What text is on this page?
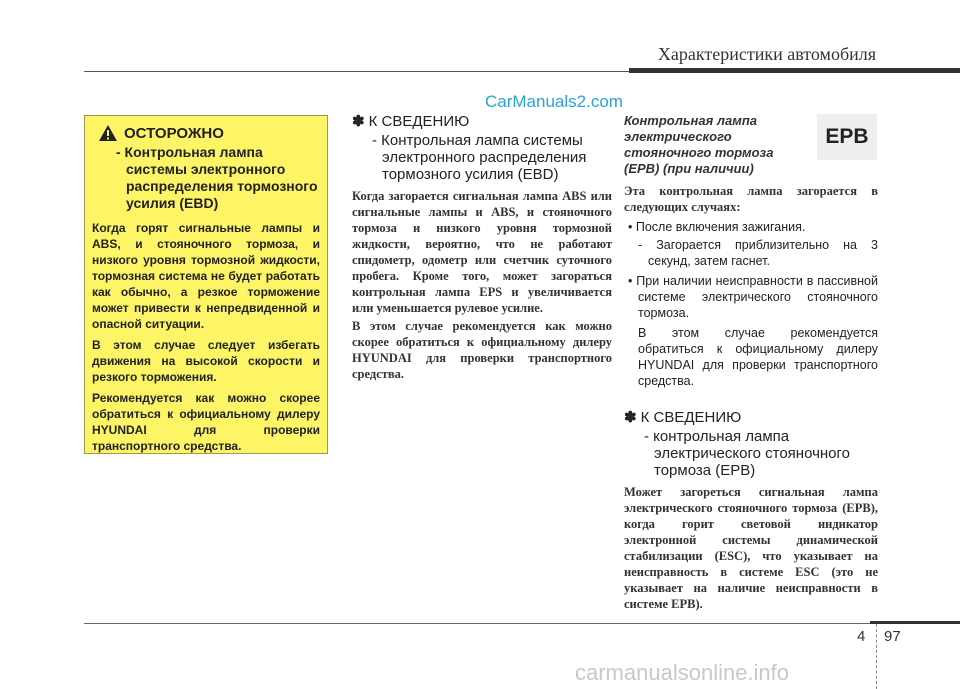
Характеристики автомобиля
CarManuals2.com
ОСТОРОЖНО
- Контрольная лампа системы электронного распределения тормозного усилия (EBD)

Когда горят сигнальные лампы и ABS, и стояночного тормоза, и низкого уровня тормозной жидкости, тормозная система не будет работать как обычно, а резкое торможение может привести к непредвиденной и опасной ситуации.

В этом случае следует избегать движения на высокой скорости и резкого торможения.

Рекомендуется как можно скорее обратиться к официальному дилеру HYUNDAI для проверки транспортного средства.

✽ К СВЕДЕНИЮ
- Контрольная лампа системы электронного распределения тормозного усилия (EBD)

Когда загорается сигнальная лампа ABS или сигнальные лампы и ABS, и стояночного тормоза и низкого уровня тормозной жидкости, вероятно, что не работают спидометр, одометр или счетчик суточного пробега. Кроме того, может загораться контрольная лампа EPS и увеличивается или уменьшается рулевое усилие.

В этом случае рекомендуется как можно скорее обратиться к официальному дилеру HYUNDAI для проверки транспортного средства.

Контрольная лампа электрического стояночного тормоза (EPB) (при наличии)

Эта контрольная лампа загорается в следующих случаях:

• После включения зажигания.
- Загорается приблизительно на 3 секунд, затем гаснет.
• При наличии неисправности в пассивной системе электрического стояночного тормоза.
В этом случае рекомендуется обратиться к официальному дилеру HYUNDAI для проверки транспортного средства.
✽ К СВЕДЕНИЮ
- контрольная лампа электрического стояночного тормоза (EPB)

Может загореться сигнальная лампа электрического стояночного тормоза (EPB), когда горит световой индикатор электронной системы динамической стабилизации (ESC), что указывает на неисправность в системе ESC (это не указывает на наличие неисправности в системе EPB).

EPB
4 97
carmanualsonline.info
